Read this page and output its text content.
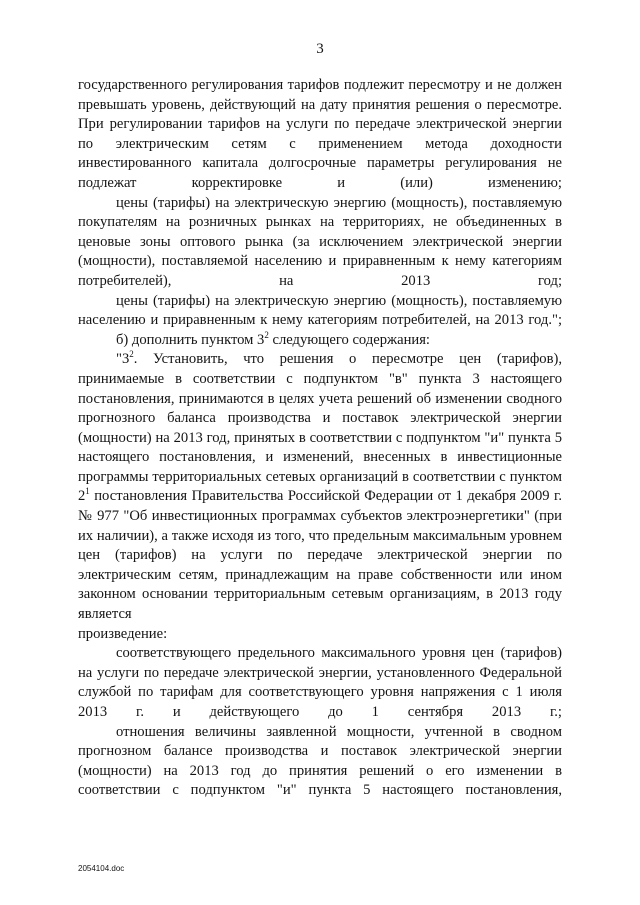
3

государственного регулирования тарифов подлежит пересмотру и не должен превышать уровень, действующий на дату принятия решения о пересмотре. При регулировании тарифов на услуги по передаче электрической энергии по электрическим сетям с применением метода доходности инвестированного капитала долгосрочные параметры регулирования не подлежат корректировке и (или) изменению;

цены (тарифы) на электрическую энергию (мощность), поставляемую покупателям на розничных рынках на территориях, не объединенных в ценовые зоны оптового рынка (за исключением электрической энергии (мощности), поставляемой населению и приравненным к нему категориям потребителей), на 2013 год;

цены (тарифы) на электрическую энергию (мощность), поставляемую населению и приравненным к нему категориям потребителей, на 2013 год.";

б) дополнить пунктом $3^2$ следующего содержания:

"$3^2$. Установить, что решения о пересмотре цен (тарифов), принимаемые в соответствии с подпунктом "в" пункта 3 настоящего постановления, принимаются в целях учета решений об изменении сводного прогнозного баланса производства и поставок электрической энергии (мощности) на 2013 год, принятых в соответствии с подпунктом "и" пункта 5 настоящего постановления, и изменений, внесенных в инвестиционные программы территориальных сетевых организаций в соответствии с пунктом $2^1$ постановления Правительства Российской Федерации от 1 декабря 2009 г. № 977 "Об инвестиционных программах субъектов электроэнергетики" (при их наличии), а также исходя из того, что предельным максимальным уровнем цен (тарифов) на услуги по передаче электрической энергии по электрическим сетям, принадлежащим на праве собственности или ином законном основании территориальным сетевым организациям, в 2013 году является

произведение:

соответствующего предельного максимального уровня цен (тарифов) на услуги по передаче электрической энергии, установленного Федеральной службой по тарифам для соответствующего уровня напряжения с 1 июля 2013 г. и действующего до 1 сентября 2013 г.;

отношения величины заявленной мощности, учтенной в сводном прогнозном балансе производства и поставок электрической энергии (мощности) на 2013 год до принятия решений о его изменении в соответствии с подпунктом "и" пункта 5 настоящего постановления,

2054104.doc
